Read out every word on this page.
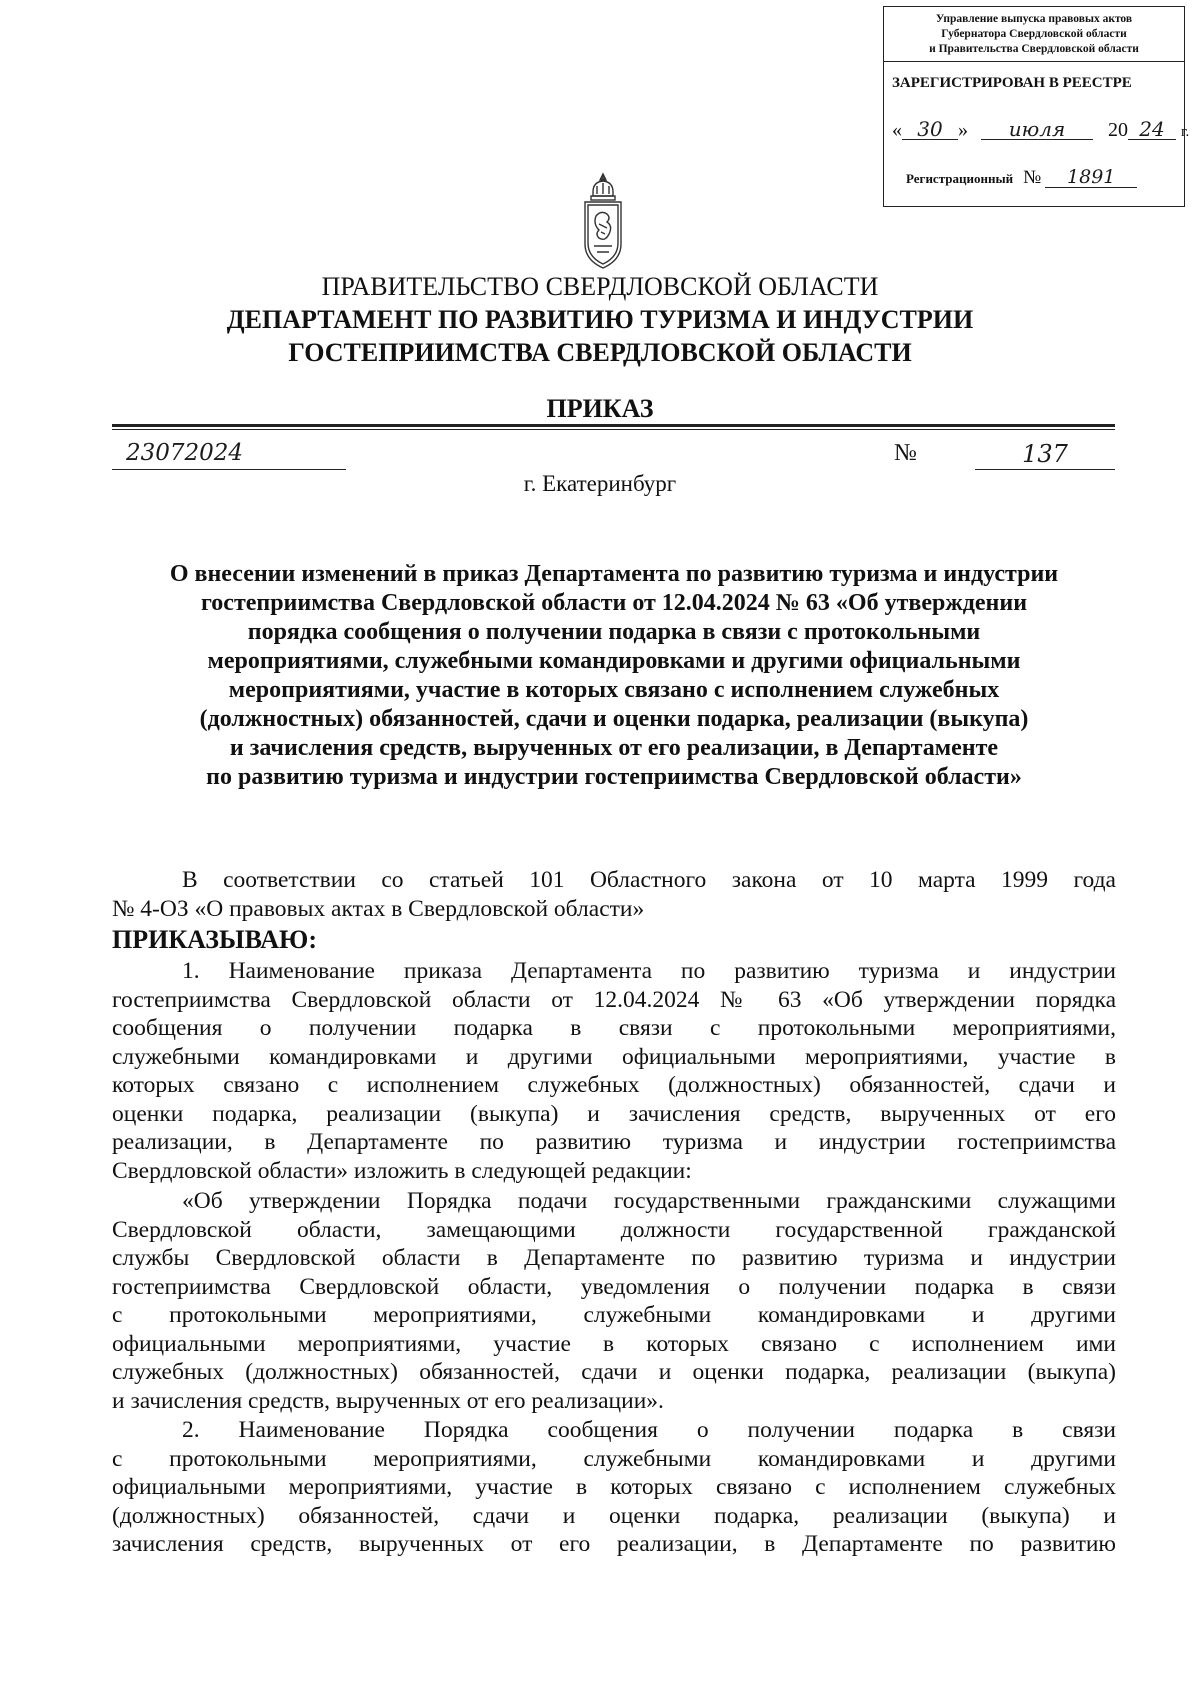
Управление выпуска правовых актов
Губернатора Свердловской области
и Правительства Свердловской области
ЗАРЕГИСТРИРОВАН В РЕЕСТРЕ
« 30 » июля 20 24 г.
Регистрационный № 1891
ПРАВИТЕЛЬСТВО СВЕРДЛОВСКОЙ ОБЛАСТИ
ДЕПАРТАМЕНТ ПО РАЗВИТИЮ ТУРИЗМА И ИНДУСТРИИ
ГОСТЕПРИИМСТВА СВЕРДЛОВСКОЙ ОБЛАСТИ
ПРИКАЗ
23072024	№	137
г. Екатеринбург
О внесении изменений в приказ Департамента по развитию туризма и индустрии
гостеприимства Свердловской области от 12.04.2024 № 63 «Об утверждении
порядка сообщения о получении подарка в связи с протокольными
мероприятиями, служебными командировками и другими официальными
мероприятиями, участие в которых связано с исполнением служебных
(должностных) обязанностей, сдачи и оценки подарка, реализации (выкупа)
и зачисления средств, вырученных от его реализации, в Департаменте
по развитию туризма и индустрии гостеприимства Свердловской области»
В соответствии со статьей 101 Областного закона от 10 марта 1999 года
№ 4-ОЗ «О правовых актах в Свердловской области»
ПРИКАЗЫВАЮ:
1. Наименование приказа Департамента по развитию туризма и индустрии
гостеприимства Свердловской области от 12.04.2024 № 63 «Об утверждении порядка
сообщения о получении подарка в связи с протокольными мероприятиями,
служебными командировками и другими официальными мероприятиями, участие в
которых связано с исполнением служебных (должностных) обязанностей, сдачи и
оценки подарка, реализации (выкупа) и зачисления средств, вырученных от его
реализации, в Департаменте по развитию туризма и индустрии гостеприимства
Свердловской области» изложить в следующей редакции:
«Об утверждении Порядка подачи государственными гражданскими служащими
Свердловской области, замещающими должности государственной гражданской
службы Свердловской области в Департаменте по развитию туризма и индустрии
гостеприимства Свердловской области, уведомления о получении подарка в связи
с протокольными мероприятиями, служебными командировками и другими
официальными мероприятиями, участие в которых связано с исполнением ими
служебных (должностных) обязанностей, сдачи и оценки подарка, реализации (выкупа)
и зачисления средств, вырученных от его реализации».
2. Наименование Порядка сообщения о получении подарка в связи
с протокольными мероприятиями, служебными командировками и другими
официальными мероприятиями, участие в которых связано с исполнением служебных
(должностных) обязанностей, сдачи и оценки подарка, реализации (выкупа) и
зачисления средств, вырученных от его реализации, в Департаменте по развитию
